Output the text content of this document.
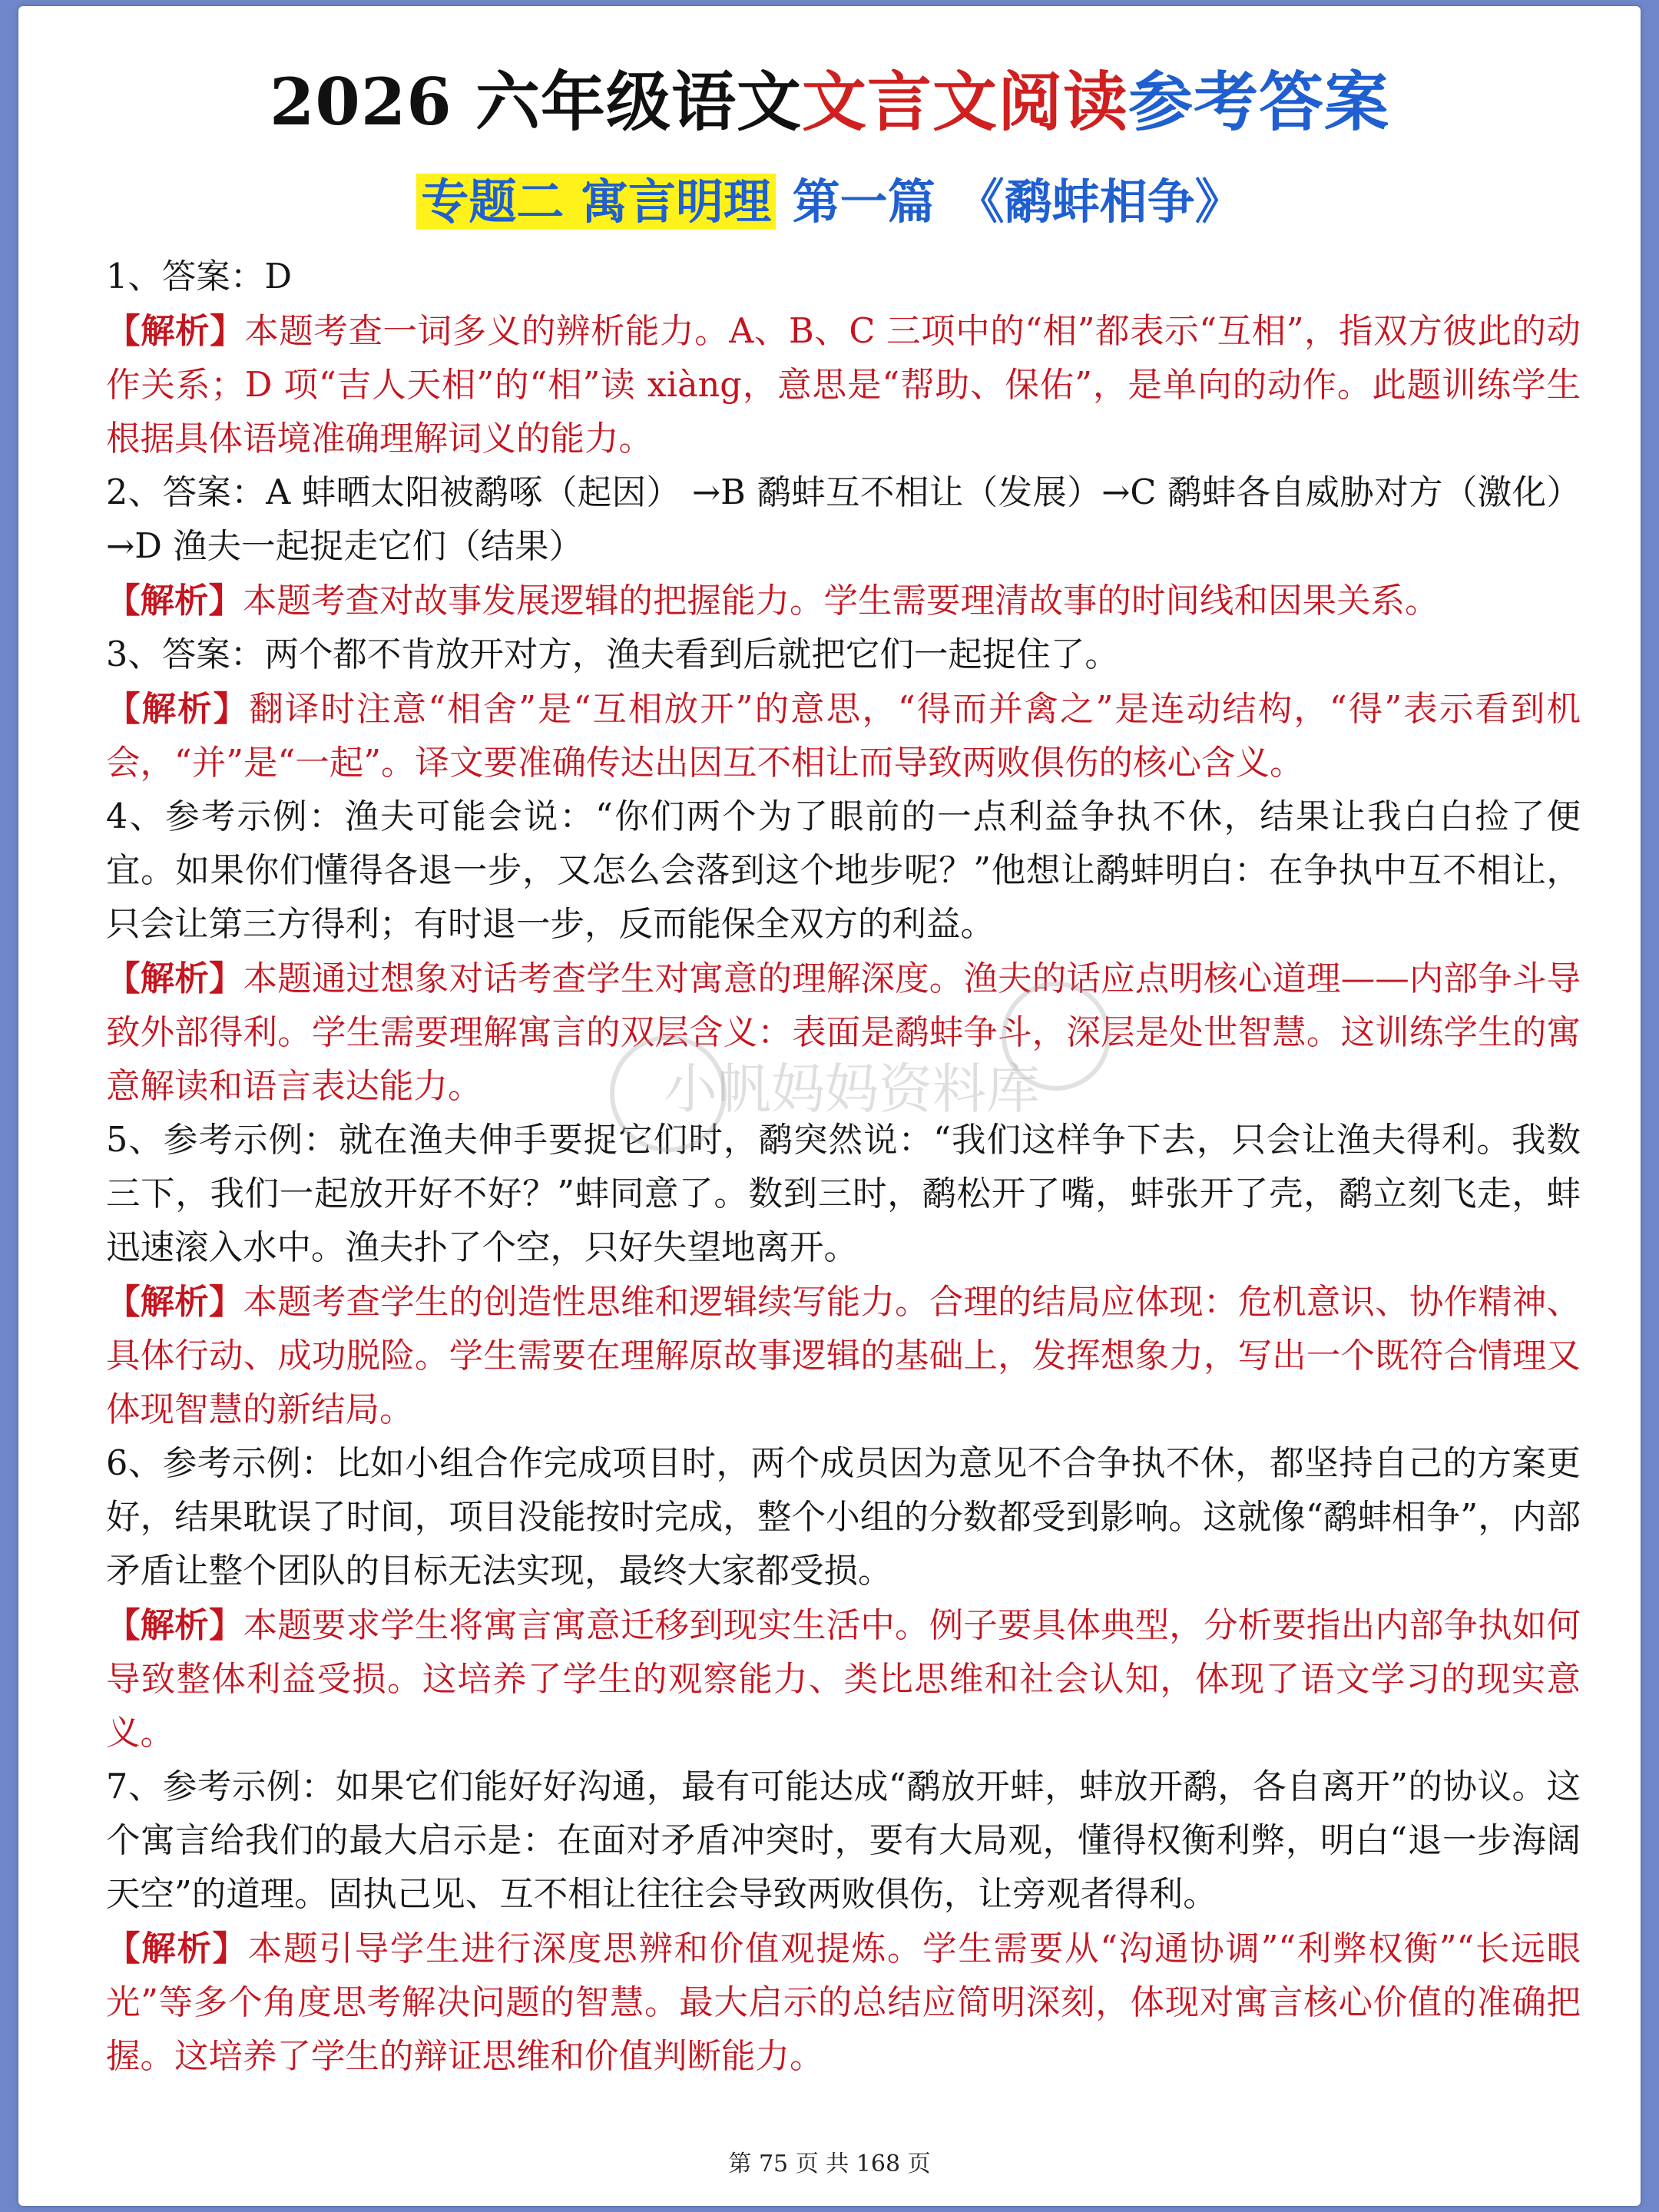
2026 六年级语文文言文阅读参考答案
专题二 寓言明理 第一篇 《鹬蚌相争》

1、答案：D

【解析】本题考查一词多义的辨析能力。A、B、C 三项中的“相”都表示“互相”，指双方彼此的动作关系；D 项“吉人天相”的“相”读 xiàng，意思是“帮助、保佑”，是单向的动作。此题训练学生根据具体语境准确理解词义的能力。

2、答案：A 蚌晒太阳被鹬啄（起因） →B 鹬蚌互不相让（发展）→C 鹬蚌各自威胁对方（激化）→D 渔夫一起捉走它们（结果）

【解析】本题考查对故事发展逻辑的把握能力。学生需要理清故事的时间线和因果关系。

3、答案：两个都不肯放开对方，渔夫看到后就把它们一起捉住了。

【解析】翻译时注意“相舍”是“互相放开”的意思，“得而并禽之”是连动结构，“得”表示看到机会，“并”是“一起”。译文要准确传达出因互不相让而导致两败俱伤的核心含义。

4、参考示例：渔夫可能会说：“你们两个为了眼前的一点利益争执不休，结果让我白白捡了便宜。如果你们懂得各退一步，又怎么会落到这个地步呢？”他想让鹬蚌明白：在争执中互不相让，只会让第三方得利；有时退一步，反而能保全双方的利益。

【解析】本题通过想象对话考查学生对寓意的理解深度。渔夫的话应点明核心道理——内部争斗导致外部得利。学生需要理解寓言的双层含义：表面是鹬蚌争斗，深层是处世智慧。这训练学生的寓意解读和语言表达能力。

5、参考示例：就在渔夫伸手要捉它们时，鹬突然说：“我们这样争下去，只会让渔夫得利。我数三下，我们一起放开好不好？”蚌同意了。数到三时，鹬松开了嘴，蚌张开了壳，鹬立刻飞走，蚌迅速滚入水中。渔夫扑了个空，只好失望地离开。

【解析】本题考查学生的创造性思维和逻辑续写能力。合理的结局应体现：危机意识、协作精神、具体行动、成功脱险。学生需要在理解原故事逻辑的基础上，发挥想象力，写出一个既符合情理又体现智慧的新结局。

6、参考示例：比如小组合作完成项目时，两个成员因为意见不合争执不休，都坚持自己的方案更好，结果耽误了时间，项目没能按时完成，整个小组的分数都受到影响。这就像“鹬蚌相争”，内部矛盾让整个团队的目标无法实现，最终大家都受损。

【解析】本题要求学生将寓言寓意迁移到现实生活中。例子要具体典型，分析要指出内部争执如何导致整体利益受损。这培养了学生的观察能力、类比思维和社会认知，体现了语文学习的现实意义。

7、参考示例：如果它们能好好沟通，最有可能达成“鹬放开蚌，蚌放开鹬，各自离开”的协议。这个寓言给我们的最大启示是：在面对矛盾冲突时，要有大局观，懂得权衡利弊，明白“退一步海阔天空”的道理。固执己见、互不相让往往会导致两败俱伤，让旁观者得利。

【解析】本题引导学生进行深度思辨和价值观提炼。学生需要从“沟通协调”“利弊权衡”“长远眼光”等多个角度思考解决问题的智慧。最大启示的总结应简明深刻，体现对寓言核心价值的准确把握。这培养了学生的辩证思维和价值判断能力。

小帆妈妈资料库
第 75 页 共 168 页
